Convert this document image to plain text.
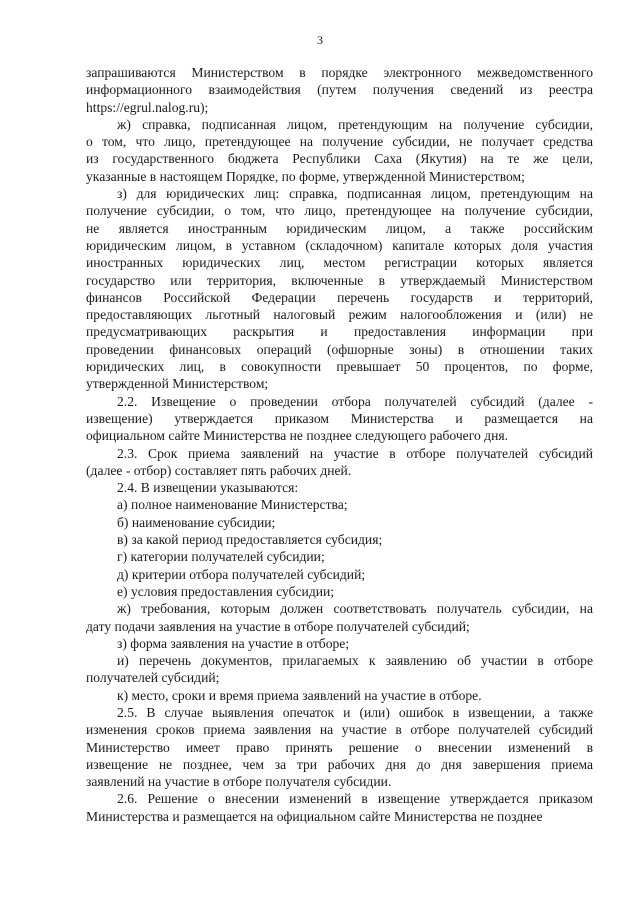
3

запрашиваются Министерством в порядке электронного межведомственного
информационного взаимодействия (путем получения сведений из реестра
https://egrul.nalog.ru);

ж) справка, подписанная лицом, претендующим на получение субсидии,
о том, что лицо, претендующее на получение субсидии, не получает средства
из государственного бюджета Республики Саха (Якутия) на те же цели,
указанные в настоящем Порядке, по форме, утвержденной Министерством;

з) для юридических лиц: справка, подписанная лицом, претендующим на
получение субсидии, о том, что лицо, претендующее на получение субсидии,
не является иностранным юридическим лицом, а также российским
юридическим лицом, в уставном (складочном) капитале которых доля участия
иностранных юридических лиц, местом регистрации которых является
государство или территория, включенные в утверждаемый Министерством
финансов Российской Федерации перечень государств и территорий,
предоставляющих льготный налоговый режим налогообложения и (или) не
предусматривающих раскрытия и предоставления информации при
проведении финансовых операций (офшорные зоны) в отношении таких
юридических лиц, в совокупности превышает 50 процентов, по форме,
утвержденной Министерством;

2.2. Извещение о проведении отбора получателей субсидий (далее -
извещение) утверждается приказом Министерства и размещается на
официальном сайте Министерства не позднее следующего рабочего дня.

2.3. Срок приема заявлений на участие в отборе получателей субсидий
(далее - отбор) составляет пять рабочих дней.

2.4. В извещении указываются:

а) полное наименование Министерства;

б) наименование субсидии;

в) за какой период предоставляется субсидия;

г) категории получателей субсидии;

д) критерии отбора получателей субсидий;

е) условия предоставления субсидии;

ж) требования, которым должен соответствовать получатель субсидии, на
дату подачи заявления на участие в отборе получателей субсидий;

з) форма заявления на участие в отборе;

и) перечень документов, прилагаемых к заявлению об участии в отборе
получателей субсидий;

к) место, сроки и время приема заявлений на участие в отборе.

2.5. В случае выявления опечаток и (или) ошибок в извещении, а также
изменения сроков приема заявления на участие в отборе получателей субсидий
Министерство имеет право принять решение о внесении изменений в
извещение не позднее, чем за три рабочих дня до дня завершения приема
заявлений на участие в отборе получателя субсидии.

2.6. Решение о внесении изменений в извещение утверждается приказом
Министерства и размещается на официальном сайте Министерства не позднее
